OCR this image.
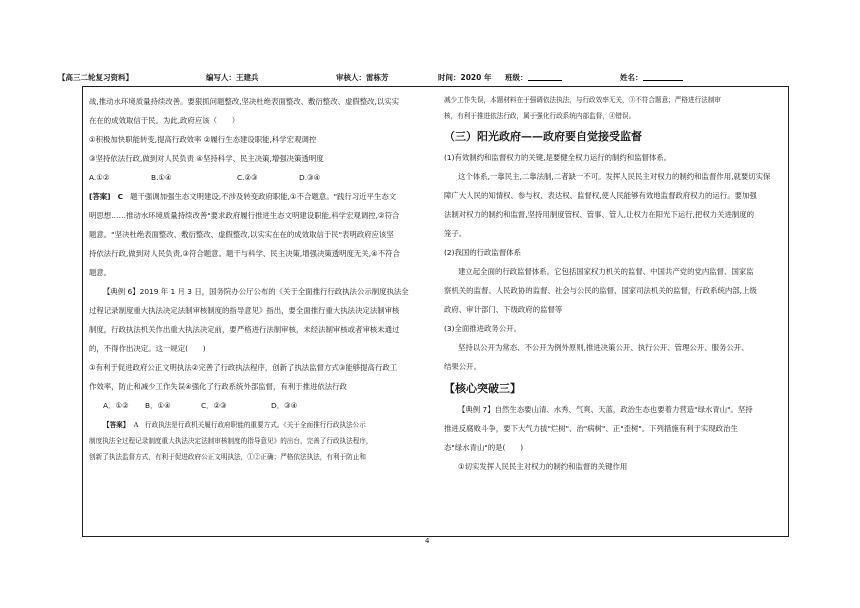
【高三二轮复习资料】	编写人：王建兵	审核人：雷栋芳	时间：2020 年 班级：	姓名：

战,推动水环境质量持续改善。要狠抓问题整改,坚决杜绝表面整改、敷衍整改、虚假整改,以实实

在在的成效取信于民。为此,政府应该（　　）

①积极加快职能转变,提高行政效率 ②履行生态建设职能,科学宏观调控

③坚持依法行政,做到对人民负责 ④坚持科学、民主决策,增强决策透明度

A.①②	B.①④	C.②③	D.③④

[答案] C 题干强调加强生态文明建设,不涉及转变政府职能,①不合题意。"践行习近平生态文

明思想……推动水环境质量持续改善"要求政府履行推进生态文明建设职能,科学宏观调控,②符合

题意。"坚决杜绝表面整改、敷衍整改、虚假整改,以实实在在的成效取信于民"表明政府应该坚

持依法行政,做到对人民负责,③符合题意。题干与科学、民主决策,增强决策透明度无关,④不符合

题意。

【典例 6】2019 年 1 月 3 日，国务院办公厅公布的《关于全面推行行政执法公示制度执法全

过程记录制度重大执法决定法制审核制度的指导意见》指出，要全面推行重大执法决定法制审核

制度，行政执法机关作出重大执法决定前，要严格进行法制审核，未经法制审核或者审核未通过

的，不得作出决定。这一规定(　　)

①有利于促进政府公正文明执法②完善了行政执法程序，创新了执法监督方式③能够提高行政工

作效率，防止和减少工作失误④强化了行政系统外部监督，有利于推进依法行政

A．①②	B．①④	C．②③	D．③④

【答案】 A　行政执法是行政机关履行政府职能的重要方式。《关于全面推行行政执法公示

制度执法全过程记录制度重大执法决定法制审核制度的指导意见》的出台，完善了行政执法程序，

创新了执法监督方式，有利于促进政府公正文明执法，①②正确；严格依法执法，有利于防止和

减少工作失误，本题材料在于强调依法执法，与行政效率无关，③不符合题意；严格进行法制审

核，有利于推进依法行政，属于强化行政系统内部监督，④错误。

（三）阳光政府——政府要自觉接受监督

(1)有效制约和监督权力的关键,是要健全权力运行的制约和监督体系。

这个体系,一靠民主,二靠法制,二者缺一不可。发挥人民民主对权力的制约和监督作用,就要切实保

障广大人民的知情权、参与权、表达权、监督权,使人民能够有效地监督政府权力的运行。要加强

法制对权力的制约和监督,坚持用制度管权、管事、管人,让权力在阳光下运行,把权力关进制度的

笼子。

(2)我国的行政监督体系

建立起全面的行政监督体系。它包括国家权力机关的监督、中国共产党的党内监督、国家监

察机关的监督、人民政协的监督、社会与公民的监督、国家司法机关的监督，行政系统内部,上级

政府、审计部门、下级政府的监督等

(3)全面推进政务公开。

坚持以公开为常态、不公开为例外原则,推进决策公开、执行公开、管理公开、服务公开、

结果公开。

【核心突破三】

【典例 7】自然生态要山清、水秀、气爽、天蓝，政治生态也要着力营造"绿水青山"。坚持

推进反腐败斗争，要下大气力拔"烂树"、治"病树"、正"歪树"。下列措施有利于实现政治生

态"绿水青山"的是(　　)

①切实发挥人民民主对权力的制约和监督的关键作用

4
